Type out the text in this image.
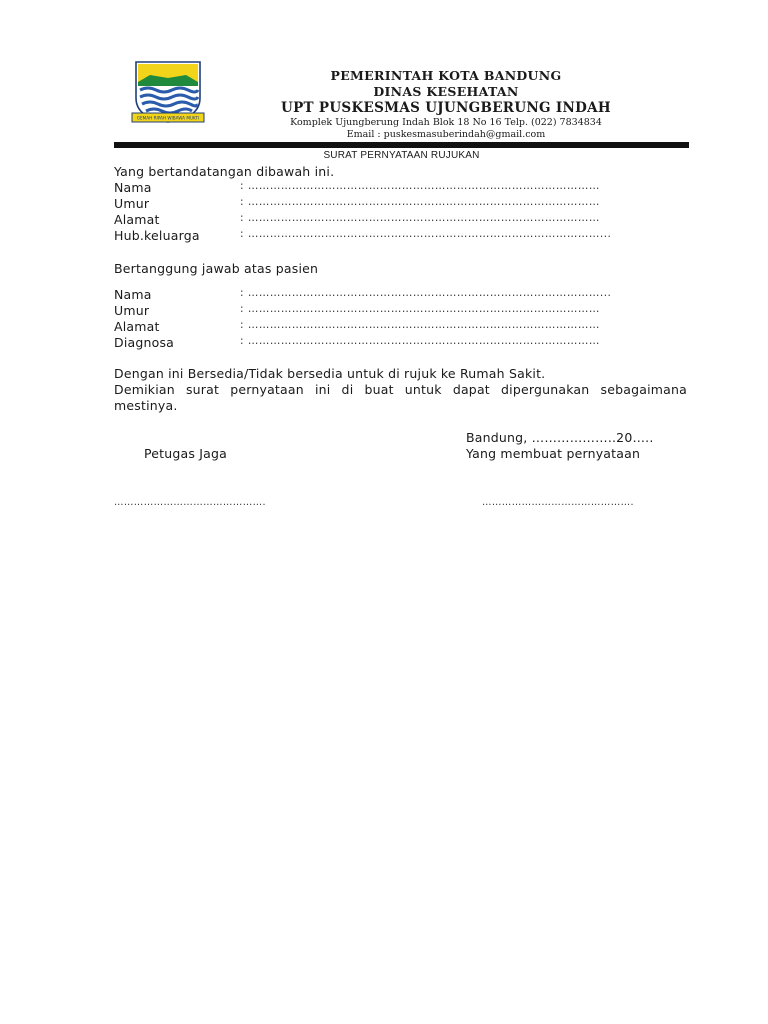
GEMAH RIPAH WIBAWA MUKTI
PEMERINTAH KOTA BANDUNG
DINAS KESEHATAN
UPT PUSKESMAS UJUNGBERUNG INDAH
Komplek Ujungberung Indah Blok 18 No 16 Telp. (022) 7834834
Email : puskesmasuberindah@gmail.com
SURAT PERNYATAAN RUJUKAN
Yang bertandatangan dibawah ini.
Nama	: ……………………………………………………………………………………
Umur	: ……………………………………………………………………………………
Alamat	: ……………………………………………………………………………………
Hub.keluarga	: ……………………………………………………………………………………...
Bertanggung jawab atas pasien
Nama	: ……………………………………………………………………………………...
Umur	: ……………………………………………………………………………………
Alamat	: ……………………………………………………………………………………
Diagnosa	: ……………………………………………………………………………………
Dengan ini Bersedia/Tidak bersedia untuk di rujuk ke Rumah Sakit.
Demikian surat pernyataan ini di buat untuk dapat dipergunakan sebagaimana mestinya.
Bandung, ………………..20…..
Petugas Jaga	Yang membuat pernyataan
……………………………………….	……………………………………….
